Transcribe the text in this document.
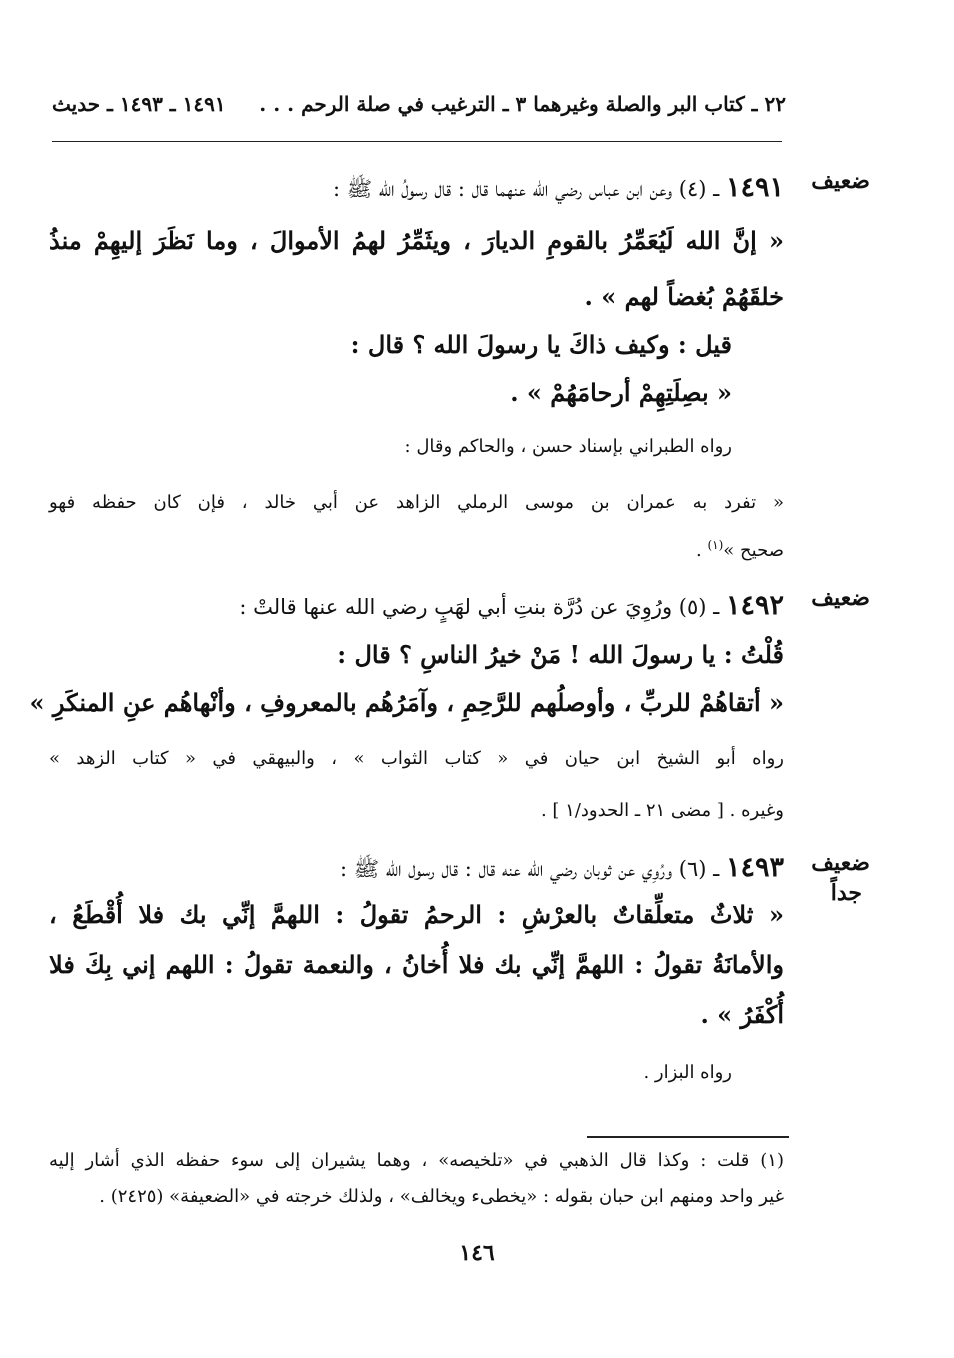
٢٢ ـ كتاب البر والصلة وغيرهما ٣ ـ الترغيب في صلة الرحم . . .
١٤٩١ ـ ١٤٩٣ ـ حديث
ضعيف
١٤٩١ ـ (٤) وعن ابن عباس رضي الله عنهما قال : قال رسولُ الله ﷺ :
« إنَّ الله لَيُعَمِّرُ بالقومِ الديارَ ، ويثَمِّرُ لهمُ الأموالَ ، وما نَظَرَ إليهِمْ منذُ
خلقَهُمْ بُغضاً لهم » .
قيل : وكيف ذاكَ يا رسولَ الله ؟ قال :
« بصِلَتِهِمْ أرحامَهُمْ » .
رواه الطبراني بإسناد حسن ، والحاكم وقال :
« تفرد به عمران بن موسى الرملي الزاهد عن أبي خالد ، فإن كان حفظه فهو
صحيح »$^{(١)}$ .
ضعيف
١٤٩٢ ـ (٥) ورُوِيَ عن دُرَّة بنتِ أبي لهَبٍ رضي الله عنها قالتْ :
قُلْتُ : يا رسولَ الله ! مَنْ خيرُ الناسِ ؟ قال :
« أتقاهُمْ للربِّ ، وأوصلُهم للرَّحِمِ ، وآمَرُهُم بالمعروفِ ، وأنْهاهُم عنِ المنكَرِ »
رواه أبو الشيخ ابن حيان في « كتاب الثواب » ، والبيهقي في « كتاب الزهد »
وغيره . [ مضى ٢١ ـ الحدود/١ ] .
ضعيف
جداً
١٤٩٣ ـ (٦) ورُوِي عن ثوبان رضي الله عنه قال : قال رسول الله ﷺ :
« ثلاثٌ متعلِّقاتٌ بالعرْشِ : الرحمُ تقولُ : اللهمَّ إنِّي بك فلا أُقْطَعُ ،
والأمانَةُ تقولُ : اللهمَّ إنِّي بك فلا أُخانُ ، والنعمة تقولُ : اللهم إني بِكَ فلا
أُكْفَرُ » .
رواه البزار .
(١) قلت : وكذا قال الذهبي في «تلخيصه» ، وهما يشيران إلى سوء حفظه الذي أشار إليه
غير واحد ومنهم ابن حبان بقوله : «يخطىء ويخالف» ، ولذلك خرجته في «الضعيفة» (٢٤٢٥) .
١٤٦
